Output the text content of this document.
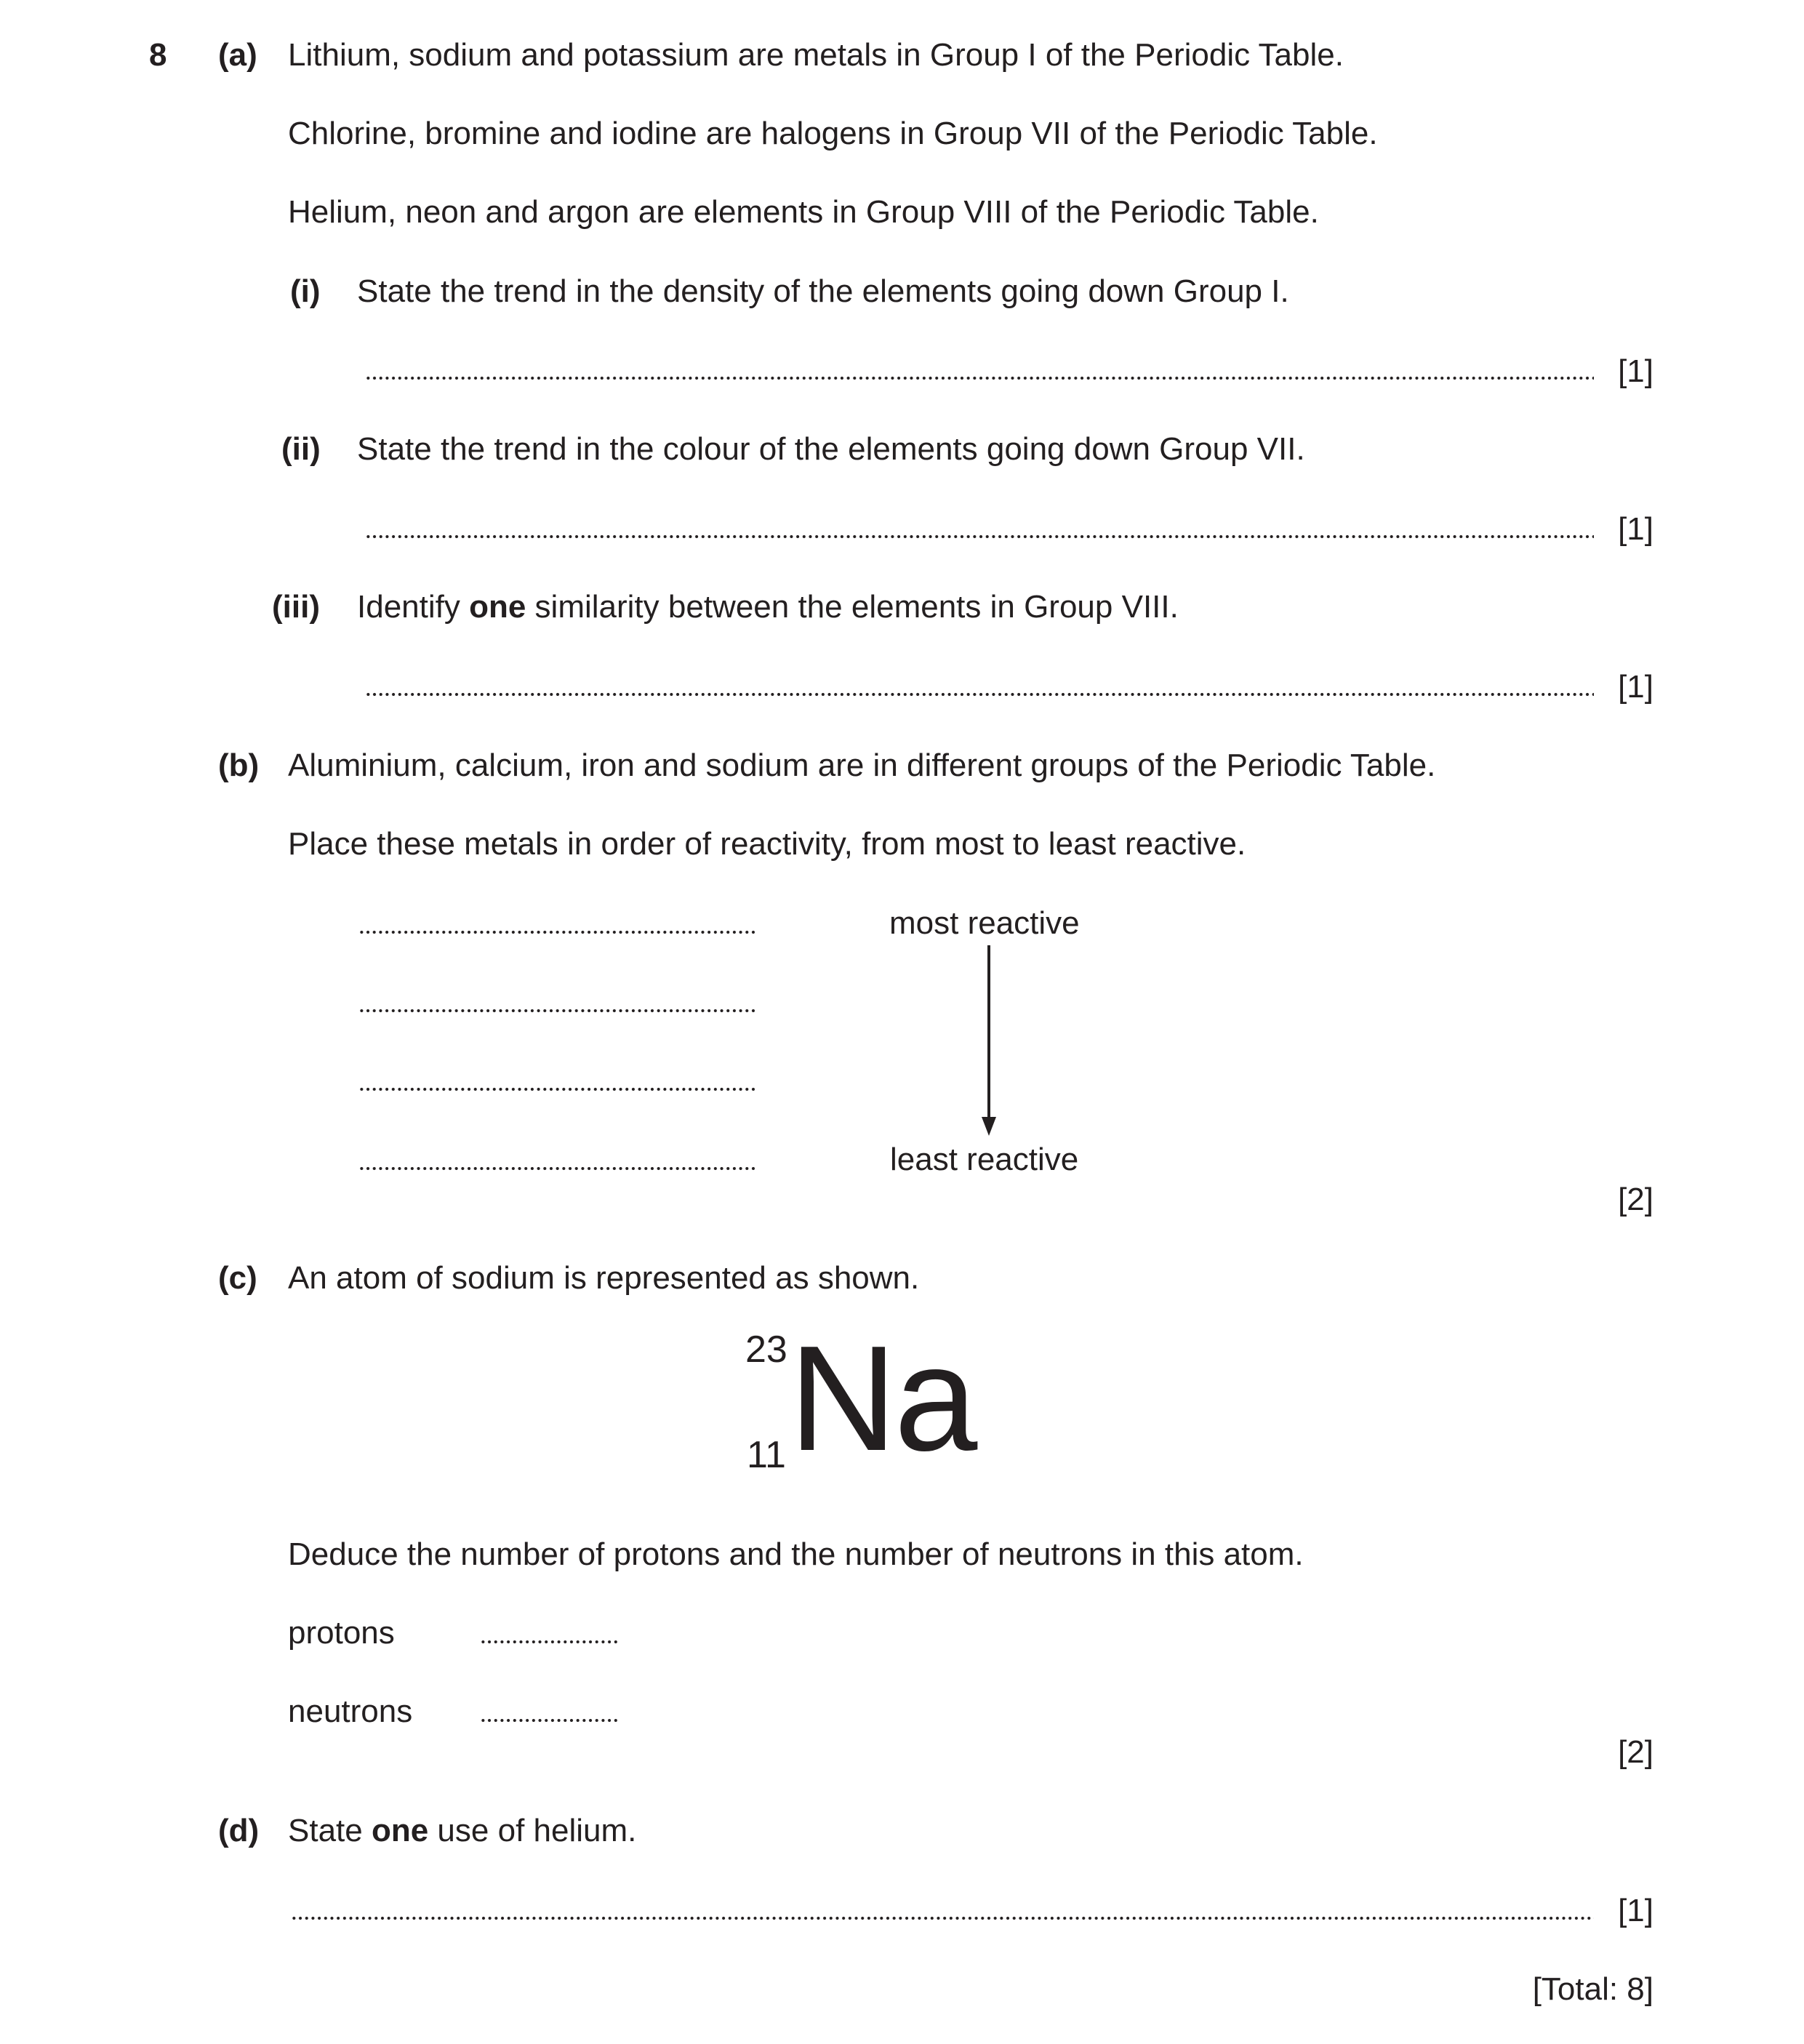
8 (a) Lithium, sodium and potassium are metals in Group I of the Periodic Table.
Chlorine, bromine and iodine are halogens in Group VII of the Periodic Table.
Helium, neon and argon are elements in Group VIII of the Periodic Table.
(i) State the trend in the density of the elements going down Group I.
[1]
(ii) State the trend in the colour of the elements going down Group VII.
[1]
(iii) Identify one similarity between the elements in Group VIII.
[1]
(b) Aluminium, calcium, iron and sodium are in different groups of the Periodic Table.
Place these metals in order of reactivity, from most to least reactive.
most reactive
least reactive
[2]
(c) An atom of sodium is represented as shown.
23
11 Na
Deduce the number of protons and the number of neutrons in this atom.
protons
neutrons
[2]
(d) State one use of helium.
[1]
[Total: 8]
